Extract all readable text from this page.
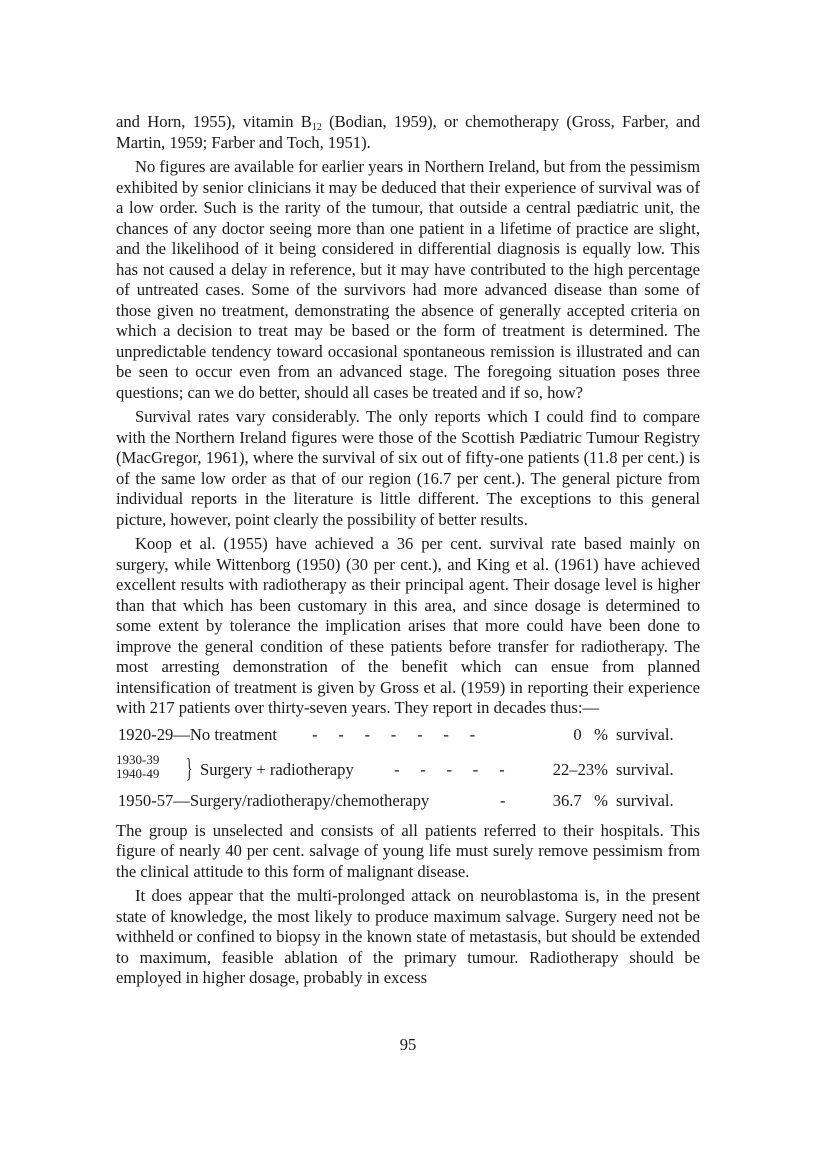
and Horn, 1955), vitamin $B_{12}$ (Bodian, 1959), or chemotherapy (Gross, Farber, and Martin, 1959; Farber and Toch, 1951).

No figures are available for earlier years in Northern Ireland, but from the pessimism exhibited by senior clinicians it may be deduced that their experience of survival was of a low order. Such is the rarity of the tumour, that outside a central pædiatric unit, the chances of any doctor seeing more than one patient in a lifetime of practice are slight, and the likelihood of it being considered in differential diagnosis is equally low. This has not caused a delay in reference, but it may have contributed to the high percentage of untreated cases. Some of the survivors had more advanced disease than some of those given no treatment, demonstrating the absence of generally accepted criteria on which a decision to treat may be based or the form of treatment is determined. The unpredictable tendency toward occasional spontaneous remission is illustrated and can be seen to occur even from an advanced stage. The foregoing situation poses three questions; can we do better, should all cases be treated and if so, how?

Survival rates vary considerably. The only reports which I could find to compare with the Northern Ireland figures were those of the Scottish Pædiatric Tumour Registry (MacGregor, 1961), where the survival of six out of fifty-one patients (11.8 per cent.) is of the same low order as that of our region (16.7 per cent.). The general picture from individual reports in the literature is little different. The exceptions to this general picture, however, point clearly the possibility of better results.

Koop et al. (1955) have achieved a 36 per cent. survival rate based mainly on surgery, while Wittenborg (1950) (30 per cent.), and King et al. (1961) have achieved excellent results with radiotherapy as their principal agent. Their dosage level is higher than that which has been customary in this area, and since dosage is determined to some extent by tolerance the implication arises that more could have been done to improve the general condition of these patients before transfer for radiotherapy. The most arresting demonstration of the benefit which can ensue from planned intensification of treatment is given by Gross et al. (1959) in reporting their experience with 217 patients over thirty-seven years. They report in decades thus:—

1920-29—No treatment -     -     -     -     -     -     -	0   % survival.
1930-39
1940-49 } Surgery + radiotherapy -     -     -     -     -	22–23% survival.
1950-57—Surgery/radiotherapy/chemotherapy	-	36.7   % survival.

The group is unselected and consists of all patients referred to their hospitals. This figure of nearly 40 per cent. salvage of young life must surely remove pessimism from the clinical attitude to this form of malignant disease.

It does appear that the multi-prolonged attack on neuroblastoma is, in the present state of knowledge, the most likely to produce maximum salvage. Surgery need not be withheld or confined to biopsy in the known state of metastasis, but should be extended to maximum, feasible ablation of the primary tumour. Radiotherapy should be employed in higher dosage, probably in excess

95
